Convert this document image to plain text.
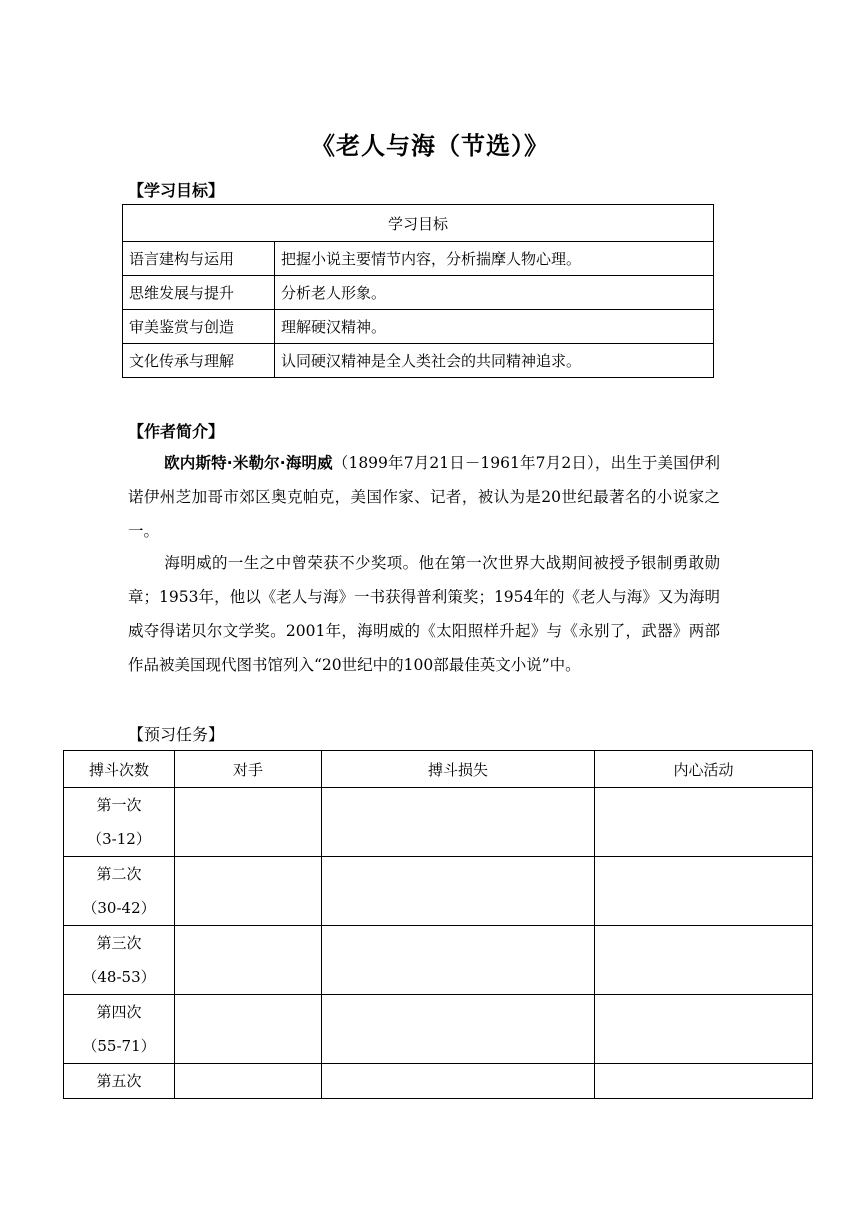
《老人与海（节选）》
【学习目标】
学习目标	
语言建构与运用	把握小说主要情节内容，分析揣摩人物心理。
思维发展与提升	分析老人形象。
审美鉴赏与创造	理解硬汉精神。
文化传承与理解	认同硬汉精神是全人类社会的共同精神追求。
【作者简介】
欧内斯特·米勒尔·海明威（1899年7月21日－1961年7月2日），出生于美国伊利诺伊州芝加哥市郊区奥克帕克，美国作家、记者，被认为是20世纪最著名的小说家之一。
海明威的一生之中曾荣获不少奖项。他在第一次世界大战期间被授予银制勇敢勋章；1953年，他以《老人与海》一书获得普利策奖；1954年的《老人与海》又为海明威夺得诺贝尔文学奖。2001年，海明威的《太阳照样升起》与《永别了，武器》两部作品被美国现代图书馆列入“20世纪中的100部最佳英文小说”中。
【预习任务】
搏斗次数	对手	搏斗损失	内心活动

第一次
（3-12）			

第二次
（30-42）			

第三次
（48-53）			

第四次
（55-71）			

第五次			
